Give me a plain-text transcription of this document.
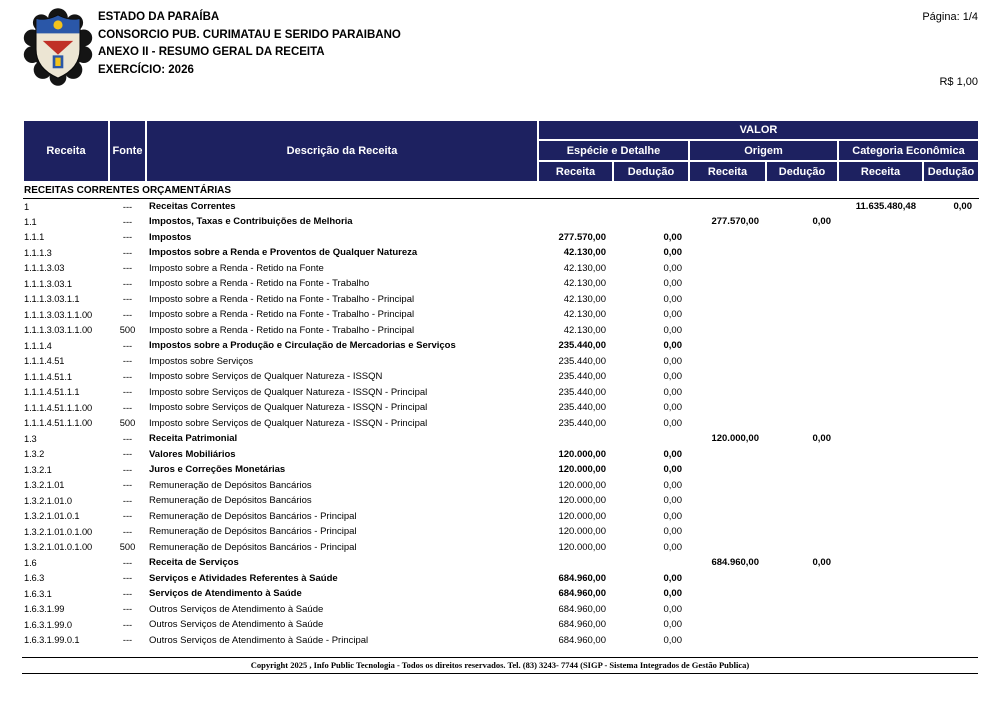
ESTADO DA PARAÍBA
CONSORCIO PUB. CURIMATAU E SERIDO PARAIBANO
ANEXO II - RESUMO GERAL DA RECEITA
EXERCÍCIO: 2026
Página: 1/4
R$ 1,00
Receita	Fonte	Descrição da Receita	VALOR					
			Espécie e Detalhe		Origem		Categoria Econômica	
			Receita	Dedução	Receita	Dedução	Receita	Dedução
RECEITAS CORRENTES ORÇAMENTÁRIAS								
1	---	Receitas Correntes					11.635.480,48	0,00
1.1	---	Impostos, Taxas e Contribuições de Melhoria			277.570,00	0,00		
1.1.1	---	Impostos	277.570,00	0,00				
1.1.1.3	---	Impostos sobre a Renda e Proventos de Qualquer Natureza	42.130,00	0,00				
1.1.1.3.03	---	Imposto sobre a Renda - Retido na Fonte	42.130,00	0,00				
1.1.1.3.03.1	---	Imposto sobre a Renda - Retido na Fonte - Trabalho	42.130,00	0,00				
1.1.1.3.03.1.1	---	Imposto sobre a Renda - Retido na Fonte - Trabalho - Principal	42.130,00	0,00				
1.1.1.3.03.1.1.00	---	Imposto sobre a Renda - Retido na Fonte - Trabalho - Principal	42.130,00	0,00				
1.1.1.3.03.1.1.00	500	Imposto sobre a Renda - Retido na Fonte - Trabalho - Principal	42.130,00	0,00				
1.1.1.4	---	Impostos sobre a Produção e Circulação de Mercadorias e Serviços	235.440,00	0,00				
1.1.1.4.51	---	Impostos sobre Serviços	235.440,00	0,00				
1.1.1.4.51.1	---	Imposto sobre Serviços de Qualquer Natureza - ISSQN	235.440,00	0,00				
1.1.1.4.51.1.1	---	Imposto sobre Serviços de Qualquer Natureza - ISSQN - Principal	235.440,00	0,00				
1.1.1.4.51.1.1.00	---	Imposto sobre Serviços de Qualquer Natureza - ISSQN - Principal	235.440,00	0,00				
1.1.1.4.51.1.1.00	500	Imposto sobre Serviços de Qualquer Natureza - ISSQN - Principal	235.440,00	0,00				
1.3	---	Receita Patrimonial			120.000,00	0,00		
1.3.2	---	Valores Mobiliários	120.000,00	0,00				
1.3.2.1	---	Juros e Correções Monetárias	120.000,00	0,00				
1.3.2.1.01	---	Remuneração de Depósitos Bancários	120.000,00	0,00				
1.3.2.1.01.0	---	Remuneração de Depósitos Bancários	120.000,00	0,00				
1.3.2.1.01.0.1	---	Remuneração de Depósitos Bancários - Principal	120.000,00	0,00				
1.3.2.1.01.0.1.00	---	Remuneração de Depósitos Bancários - Principal	120.000,00	0,00				
1.3.2.1.01.0.1.00	500	Remuneração de Depósitos Bancários - Principal	120.000,00	0,00				
1.6	---	Receita de Serviços			684.960,00	0,00		
1.6.3	---	Serviços e Atividades Referentes à Saúde	684.960,00	0,00				
1.6.3.1	---	Serviços de Atendimento à Saúde	684.960,00	0,00				
1.6.3.1.99	---	Outros Serviços de Atendimento à Saúde	684.960,00	0,00				
1.6.3.1.99.0	---	Outros Serviços de Atendimento à Saúde	684.960,00	0,00				
1.6.3.1.99.0.1	---	Outros Serviços de Atendimento à Saúde - Principal	684.960,00	0,00				
Copyright 2025 , Info Public Tecnologia - Todos os direitos reservados. Tel. (83) 3243- 7744 (SIGP - Sistema Integrados de Gestão Publica)
